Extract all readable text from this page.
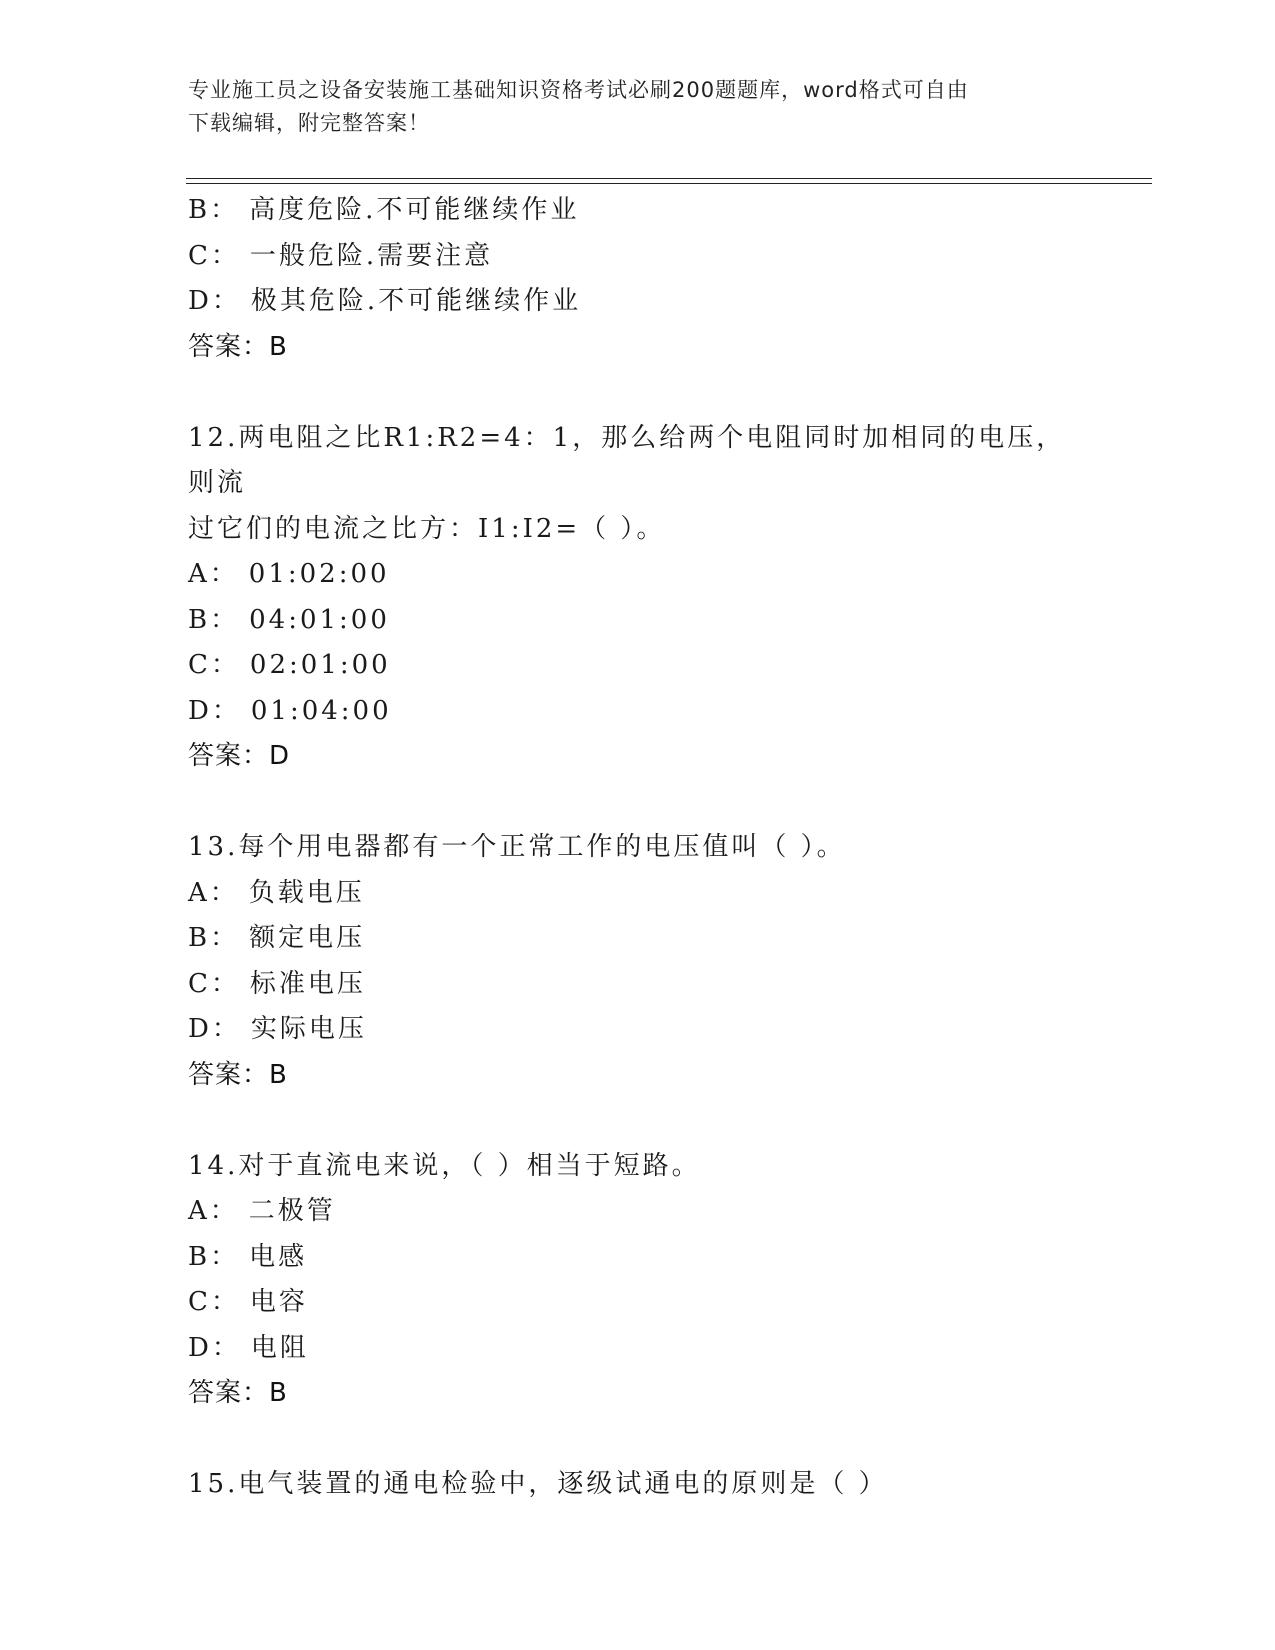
专业施工员之设备安装施工基础知识资格考试必刷200题题库，word格式可自由
下载编辑，附完整答案！
B： 高度危险.不可能继续作业
C： 一般危险.需要注意
D： 极其危险.不可能继续作业
答案：B
12.两电阻之比R1:R2=4：1，那么给两个电阻同时加相同的电压，则流
过它们的电流之比方：I1:I2=（ ）。
A： 01:02:00
B： 04:01:00
C： 02:01:00
D： 01:04:00
答案：D
13.每个用电器都有一个正常工作的电压值叫（ ）。
A： 负载电压
B： 额定电压
C： 标准电压
D： 实际电压
答案：B
14.对于直流电来说，（ ）相当于短路。
A： 二极管
B： 电感
C： 电容
D： 电阻
答案：B
15.电气装置的通电检验中，逐级试通电的原则是（ ）
